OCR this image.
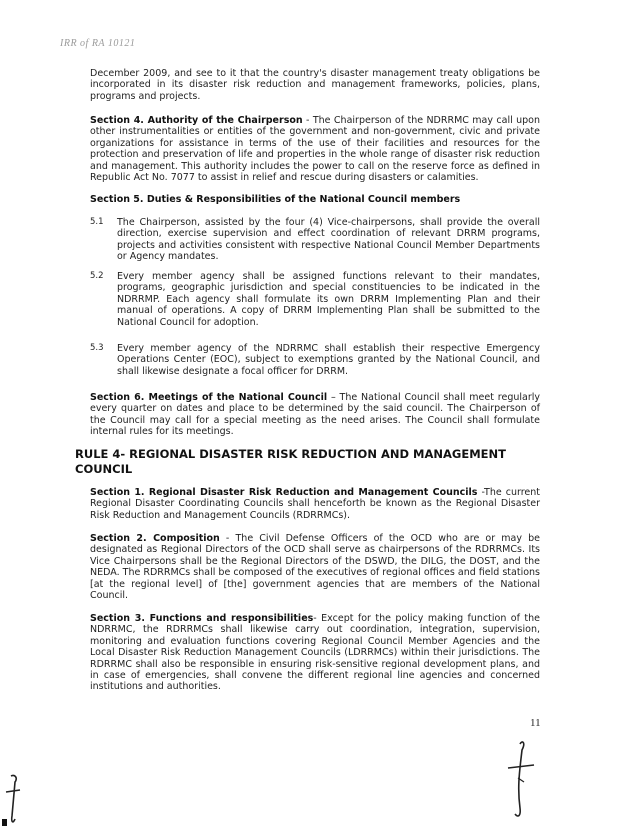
IRR of RA 10121

December 2009, and see to it that the country's disaster management treaty obligations be incorporated in its disaster risk reduction and management frameworks, policies, plans, programs and projects.

Section 4. Authority of the Chairperson - The Chairperson of the NDRRMC may call upon other instrumentalities or entities of the government and non-government, civic and private organizations for assistance in terms of the use of their facilities and resources for the protection and preservation of life and properties in the whole range of disaster risk reduction and management. This authority includes the power to call on the reserve force as defined in Republic Act No. 7077 to assist in relief and rescue during disasters or calamities.

Section 5. Duties & Responsibilities of the National Council members

5.1 The Chairperson, assisted by the four (4) Vice-chairpersons, shall provide the overall direction, exercise supervision and effect coordination of relevant DRRM programs, projects and activities consistent with respective National Council Member Departments or Agency mandates.
5.2 Every member agency shall be assigned functions relevant to their mandates, programs, geographic jurisdiction and special constituencies to be indicated in the NDRRMP. Each agency shall formulate its own DRRM Implementing Plan and their manual of operations. A copy of DRRM Implementing Plan shall be submitted to the National Council for adoption.
5.3 Every member agency of the NDRRMC shall establish their respective Emergency Operations Center (EOC), subject to exemptions granted by the National Council, and shall likewise designate a focal officer for DRRM.

Section 6. Meetings of the National Council – The National Council shall meet regularly every quarter on dates and place to be determined by the said council. The Chairperson of the Council may call for a special meeting as the need arises. The Council shall formulate internal rules for its meetings.

RULE 4- REGIONAL DISASTER RISK REDUCTION AND MANAGEMENT COUNCIL

Section 1. Regional Disaster Risk Reduction and Management Councils -The current Regional Disaster Coordinating Councils shall henceforth be known as the Regional Disaster Risk Reduction and Management Councils (RDRRMCs).

Section 2. Composition - The Civil Defense Officers of the OCD who are or may be designated as Regional Directors of the OCD shall serve as chairpersons of the RDRRMCs. Its Vice Chairpersons shall be the Regional Directors of the DSWD, the DILG, the DOST, and the NEDA. The RDRRMCs shall be composed of the executives of regional offices and field stations [at the regional level] of [the] government agencies that are members of the National Council.

Section 3. Functions and responsibilities- Except for the policy making function of the NDRRMC, the RDRRMCs shall likewise carry out coordination, integration, supervision, monitoring and evaluation functions covering Regional Council Member Agencies and the Local Disaster Risk Reduction Management Councils (LDRRMCs) within their jurisdictions. The RDRRMC shall also be responsible in ensuring risk-sensitive regional development plans, and in case of emergencies, shall convene the different regional line agencies and concerned institutions and authorities.

11
